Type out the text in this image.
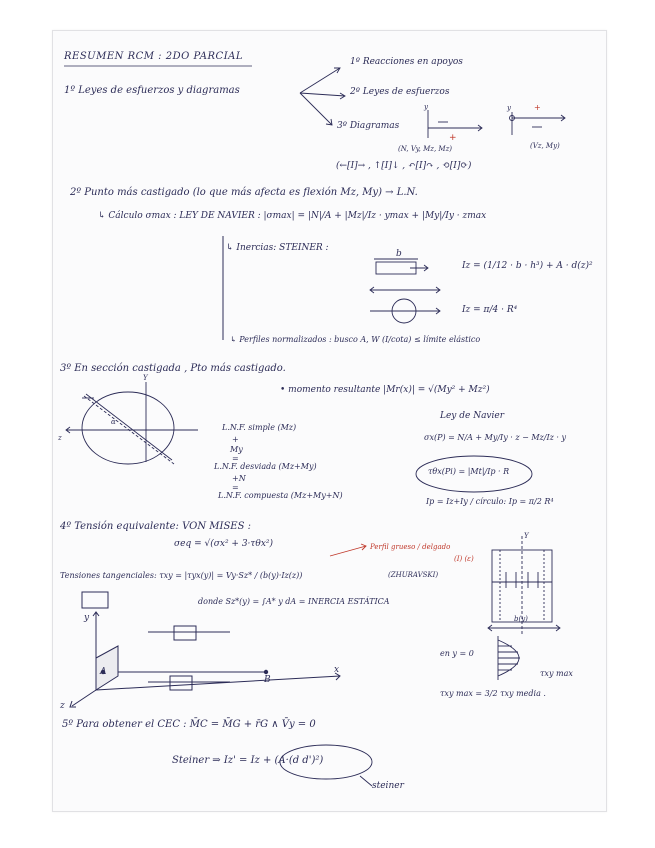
RESUMEN RCM : 2DO PARCIAL
1º Leyes de esfuerzos y diagramas
1º Reacciones en apoyos
2º Leyes de esfuerzos
3º Diagramas
y	y
+
+
(N, Vy, Mz, Mz)	(Vz, My)
(←[I]→ , ↑[I]↓ , ↶[I]↷ , ⟲[I]⟳)
2º Punto más castigado (lo que más afecta es flexión Mz, My) → L.N.
↳ Cálculo σmax : LEY DE NAVIER : |σmax| = |N|/A + |Mz|/Iz · ymax + |My|/Iy · zmax
↳ Inercias: STEINER :
b
Iz = (1/12 · b · h³) + A · d(z)²
Iz = π/4 · R⁴
↳ Perfiles normalizados : busco A, W (I/cota) ≤ límite elástico
3º En sección castigada , Pto más castigado.
• momento resultante |Mr(x)| = √(My² + Mz²)
Y
z
α
L.N.F. simple (Mz)
+
My
=
L.N.F. desviada (Mz+My)
+N
=
L.N.F. compuesta (Mz+My+N)
Ley de Navier
σx(P) = N/A + My/Iy · z − Mz/Iz · y
τθx(Pi) = |Mt|/Ip · R
Ip = Iz+Iy / círculo: Ip = π/2 R⁴
4º Tensión equivalente: VON MISES :
σeq = √(σx² + 3·τθx²)	Perfil grueso / delgado
(I) (ε)
Tensiones tangenciales: τxy = |τyx(y)| = Vy·Sz* / (b(y)·Iz(z))	(ZHURAVSKI)
donde Sz*(y) = ∫A* y dA = INERCIA ESTÁTICA
Y
b(y)
y
x
z
A
B
en y = 0
τxy max
τxy max = 3/2 τxy media .
5º Para obtener el CEC : M̄C = M̄G + r̄G ∧ V̄y = 0
Steiner ⇒ Iz' = Iz + (A·(d d')²)
steiner
